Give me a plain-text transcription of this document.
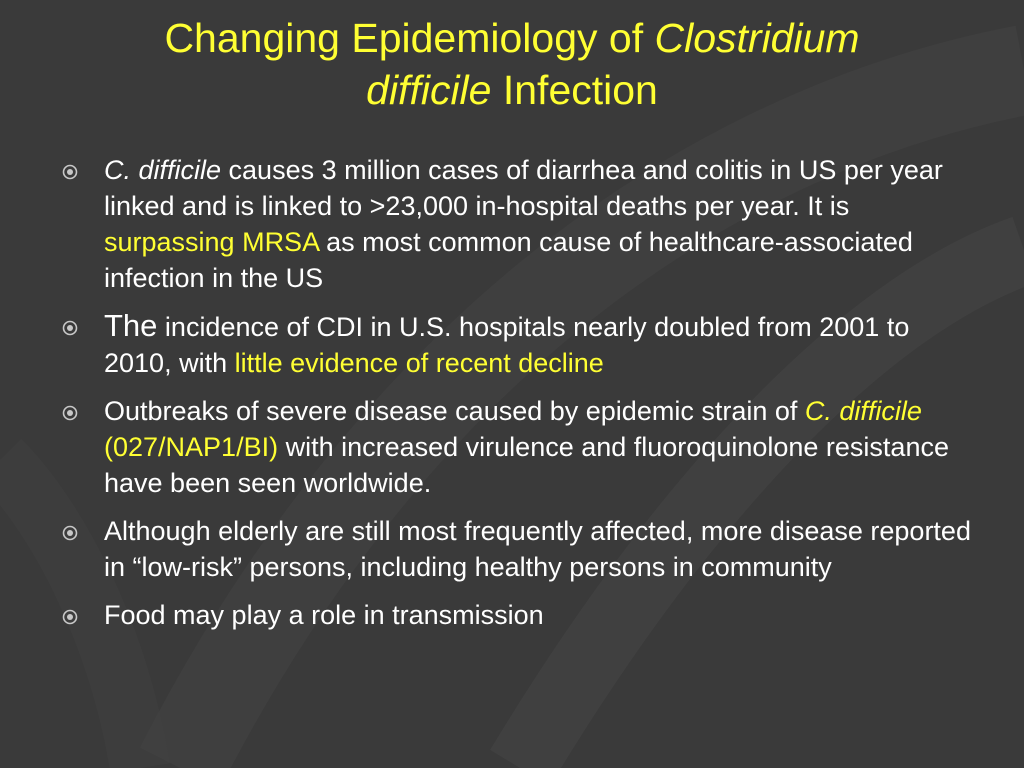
Changing Epidemiology of Clostridium
difficile Infection
C. difficile causes 3 million cases of diarrhea and colitis in US per year linked and is linked to >23,000 in-hospital deaths per year. It is surpassing MRSA as most common cause of healthcare-associated infection in the US
The incidence of CDI in U.S. hospitals nearly doubled from 2001 to 2010, with little evidence of recent decline
Outbreaks of severe disease caused by epidemic strain of C. difficile (027/NAP1/BI) with increased virulence and fluoroquinolone resistance have been seen worldwide.
Although elderly are still most frequently affected, more disease reported in “low-risk” persons, including healthy persons in community
Food may play a role in transmission
